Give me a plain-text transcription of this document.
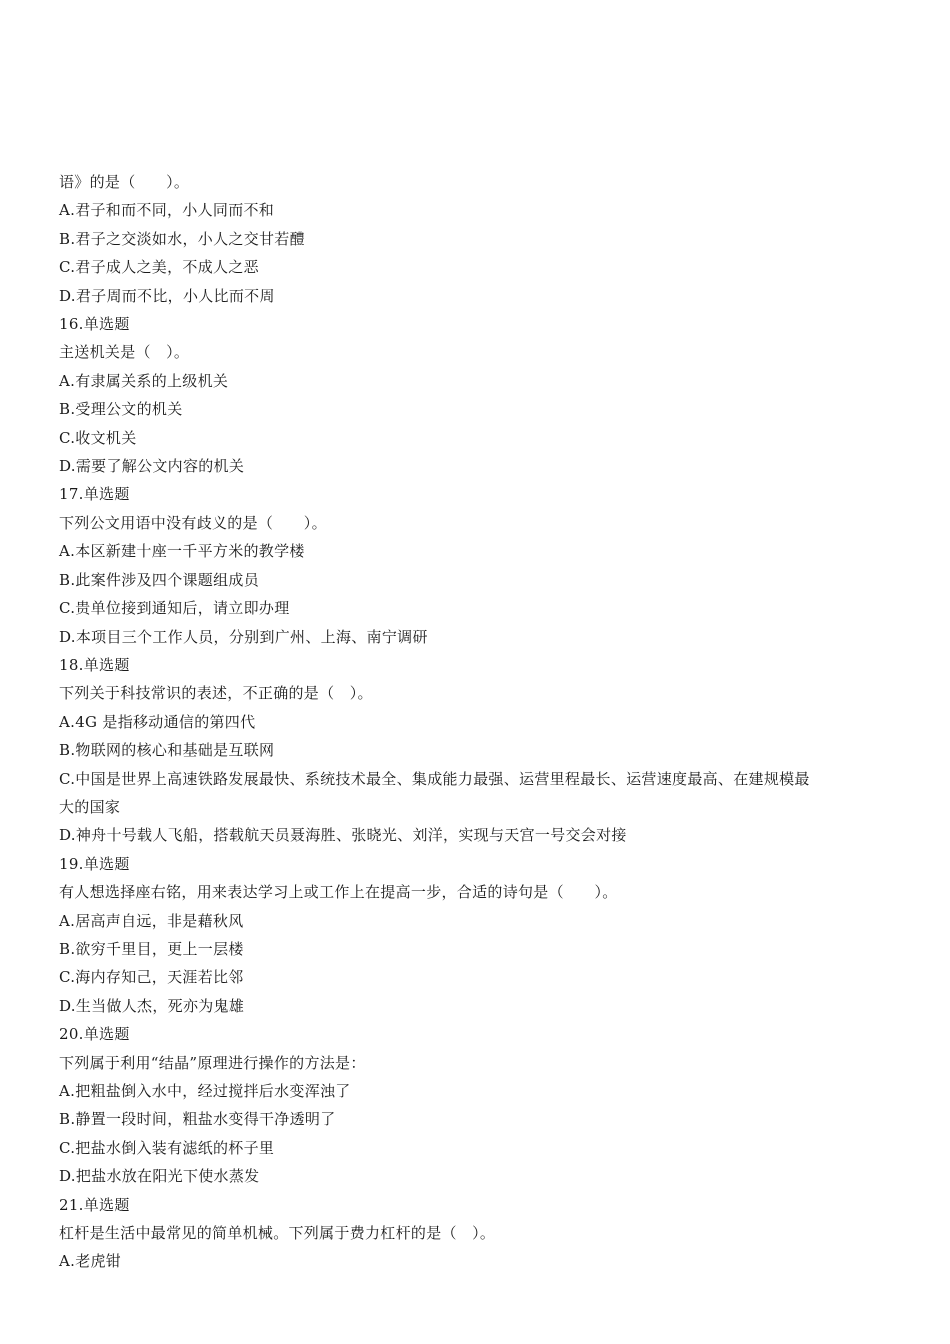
语》的是（　　）。
A.君子和而不同，小人同而不和
B.君子之交淡如水，小人之交甘若醴
C.君子成人之美，不成人之恶
D.君子周而不比，小人比而不周
16.单选题
主送机关是（　）。
A.有隶属关系的上级机关
B.受理公文的机关
C.收文机关
D.需要了解公文内容的机关
17.单选题
下列公文用语中没有歧义的是（　　）。
A.本区新建十座一千平方米的教学楼
B.此案件涉及四个课题组成员
C.贵单位接到通知后，请立即办理
D.本项目三个工作人员，分别到广州、上海、南宁调研
18.单选题
下列关于科技常识的表述，不正确的是（　）。
A.4G 是指移动通信的第四代
B.物联网的核心和基础是互联网
C.中国是世界上高速铁路发展最快、系统技术最全、集成能力最强、运营里程最长、运营速度最高、在建规模最
大的国家
D.神舟十号载人飞船，搭载航天员聂海胜、张晓光、刘洋，实现与天宫一号交会对接
19.单选题
有人想选择座右铭，用来表达学习上或工作上在提高一步，合适的诗句是（　　）。
A.居高声自远，非是藉秋风
B.欲穷千里目，更上一层楼
C.海内存知己，天涯若比邻
D.生当做人杰，死亦为鬼雄
20.单选题
下列属于利用“结晶”原理进行操作的方法是：
A.把粗盐倒入水中，经过搅拌后水变浑浊了
B.静置一段时间，粗盐水变得干净透明了
C.把盐水倒入装有滤纸的杯子里
D.把盐水放在阳光下使水蒸发
21.单选题
杠杆是生活中最常见的简单机械。下列属于费力杠杆的是（　）。
A.老虎钳
